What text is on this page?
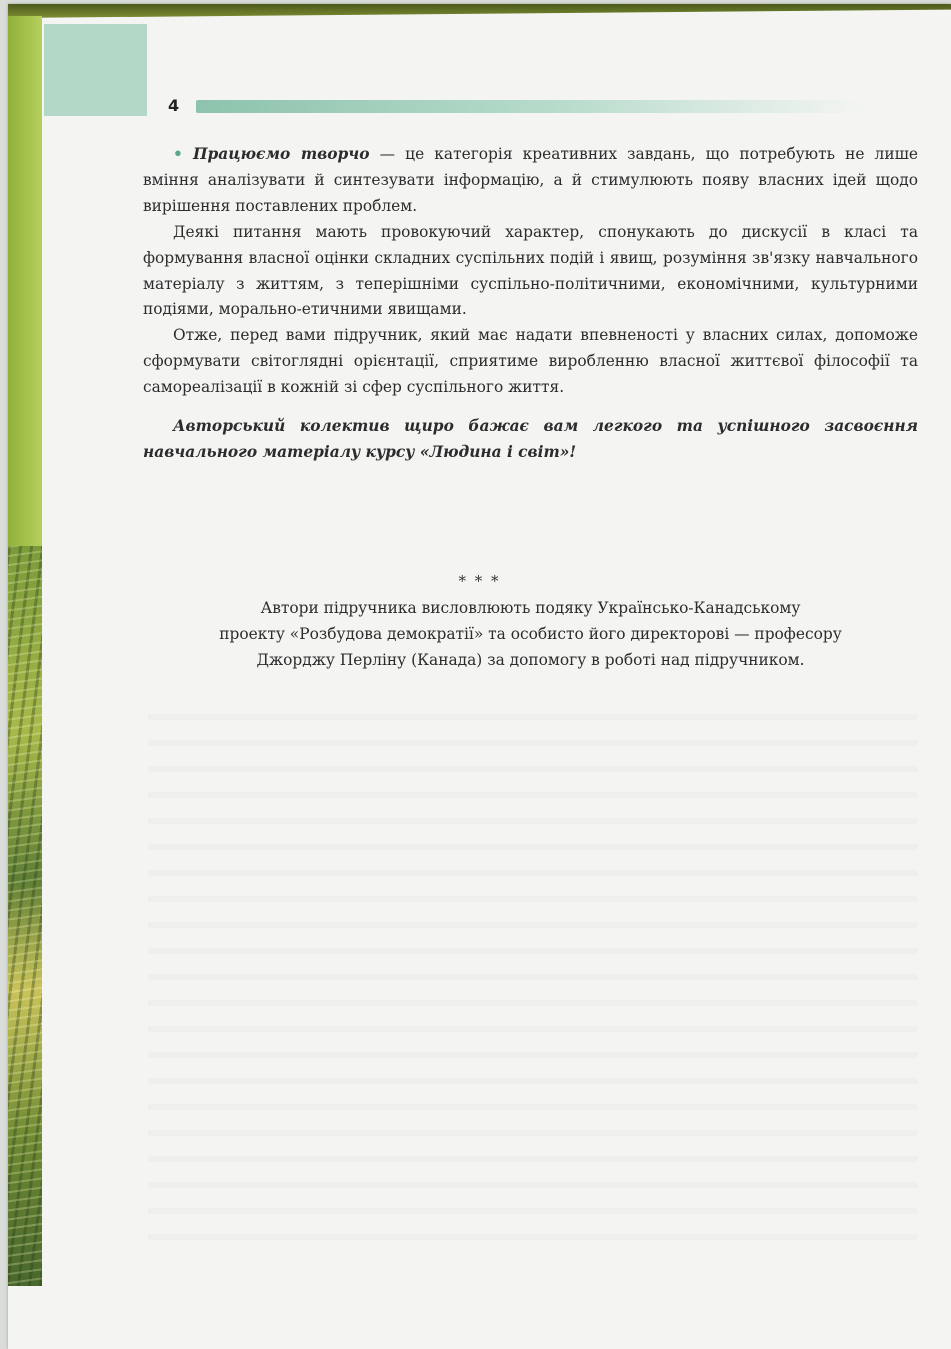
4

• Працюємо творчо — це категорія креативних завдань, що потребують не лише вміння аналізувати й синтезувати інформацію, а й стимулюють появу власних ідей щодо вирішення поставлених проблем.

Деякі питання мають провокуючий характер, спонукають до дискусії в класі та формування власної оцінки складних суспільних подій і явищ, розуміння зв'язку навчального матеріалу з життям, з теперішніми суспільно-політичними, економічними, культурними подіями, морально-етичними явищами.

Отже, перед вами підручник, який має надати впевненості у власних силах, допоможе сформувати світоглядні орієнтації, сприятиме виробленню власної життєвої філософії та самореалізації в кожній зі сфер суспільного життя.

Авторський колектив щиро бажає вам легкого та успішного засвоєння навчального матеріалу курсу «Людина і світ»!

* * *
Автори підручника висловлюють подяку Українсько-Канадському
проекту «Розбудова демократії» та особисто його директорові — професору
Джорджу Перліну (Канада) за допомогу в роботі над підручником.
